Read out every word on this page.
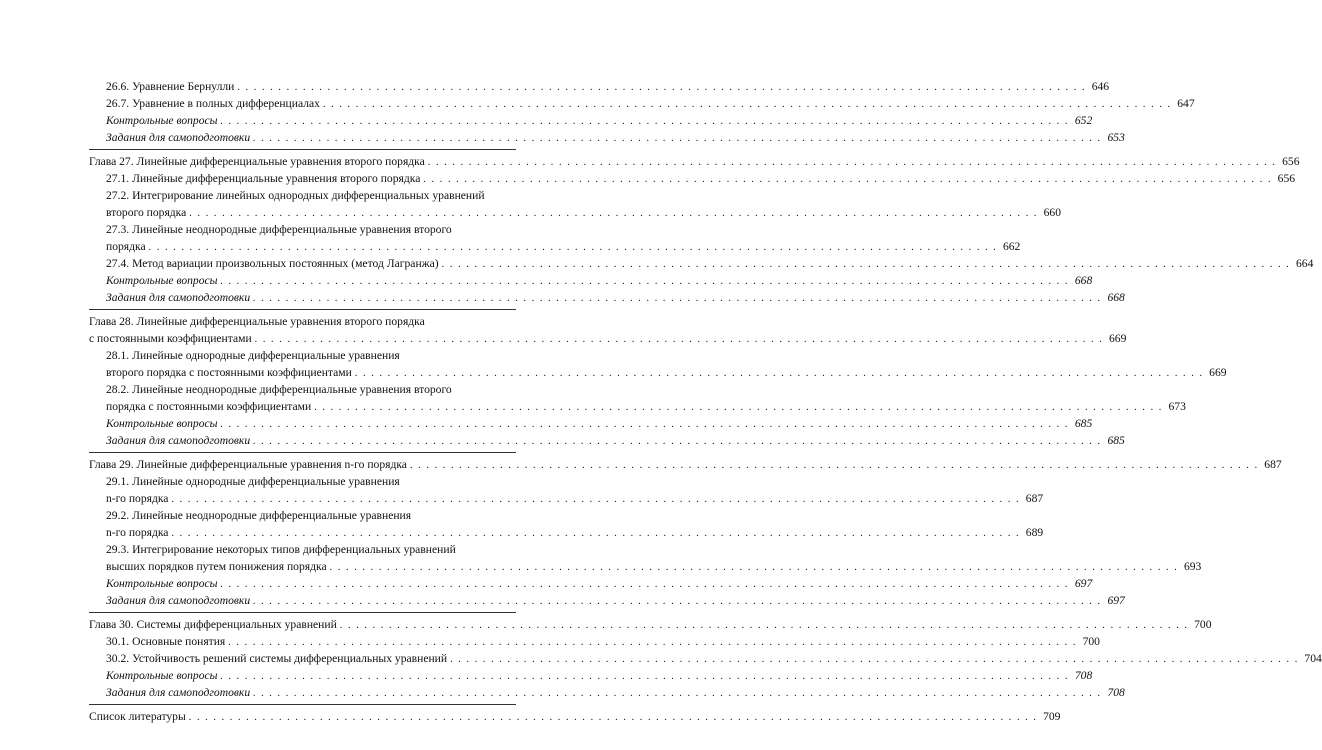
26.6. Уравнение Бернулли . . .	646
26.7. Уравнение в полных дифференциалах . . .	647
Контрольные вопросы . . .	652
Задания для самоподготовки . . .	653
Глава 27. Линейные дифференциальные уравнения второго порядка . . .	656
27.1. Линейные дифференциальные уравнения второго порядка . . .	656
27.2. Интегрирование линейных однородных дифференциальных уравнений
второго порядка . . .	660
27.3. Линейные неоднородные дифференциальные уравнения второго
порядка . . .	662
27.4. Метод вариации произвольных постоянных (метод Лагранжа) . . .	664
Контрольные вопросы . . .	668
Задания для самоподготовки . . .	668
Глава 28. Линейные дифференциальные уравнения второго порядка
с постоянными коэффициентами . . .	669
28.1. Линейные однородные дифференциальные уравнения
второго порядка с постоянными коэффициентами . . .	669
28.2. Линейные неоднородные дифференциальные уравнения второго
порядка с постоянными коэффициентами . . .	673
Контрольные вопросы . . .	685
Задания для самоподготовки . . .	685
Глава 29. Линейные дифференциальные уравнения n-го порядка . . .	687
29.1. Линейные однородные дифференциальные уравнения
n-го порядка . . .	687
29.2. Линейные неоднородные дифференциальные уравнения
n-го порядка . . .	689
29.3. Интегрирование некоторых типов дифференциальных уравнений
высших порядков путем понижения порядка . . .	693
Контрольные вопросы . . .	697
Задания для самоподготовки . . .	697
Глава 30. Системы дифференциальных уравнений . . .	700
30.1. Основные понятия . . .	700
30.2. Устойчивость решений системы дифференциальных уравнений . . .	704
Контрольные вопросы . . .	708
Задания для самоподготовки . . .	708
Список литературы . . .	709
